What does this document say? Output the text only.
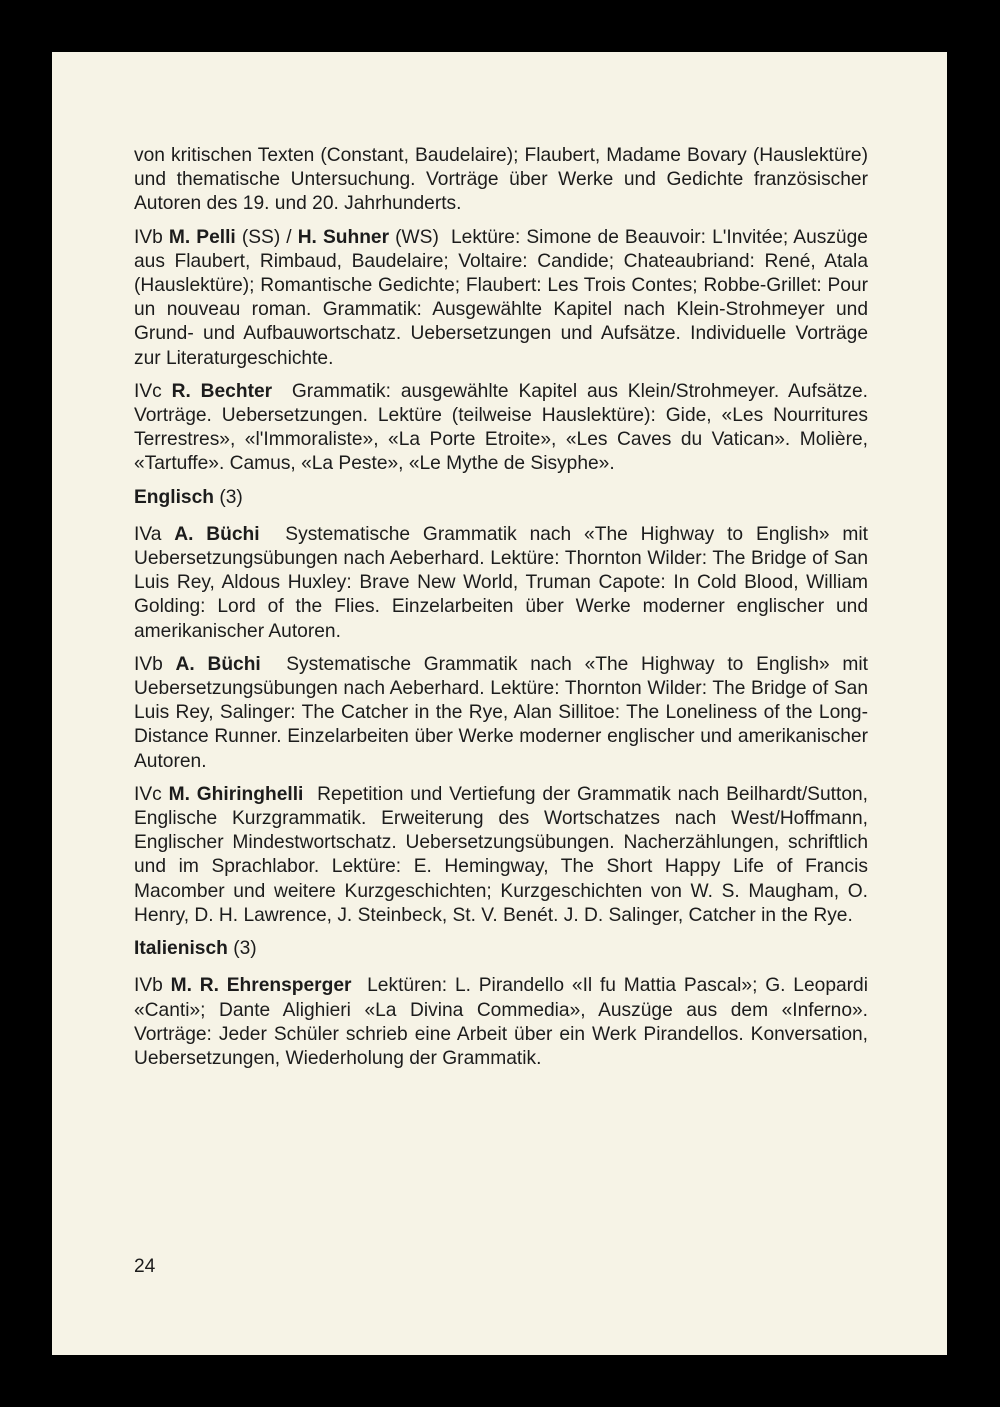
von kritischen Texten (Constant, Baudelaire); Flaubert, Madame Bovary (Hauslektüre) und thematische Untersuchung. Vorträge über Werke und Gedichte französischer Autoren des 19. und 20. Jahrhunderts.

IVb M. Pelli (SS) / H. Suhner (WS) Lektüre: Simone de Beauvoir: L'Invitée; Auszüge aus Flaubert, Rimbaud, Baudelaire; Voltaire: Candide; Chateaubriand: René, Atala (Hauslektüre); Romantische Gedichte; Flaubert: Les Trois Contes; Robbe-Grillet: Pour un nouveau roman. Grammatik: Ausgewählte Kapitel nach Klein-Strohmeyer und Grund- und Aufbauwortschatz. Uebersetzungen und Aufsätze. Individuelle Vorträge zur Literaturgeschichte.

IVc R. Bechter Grammatik: ausgewählte Kapitel aus Klein/Strohmeyer. Aufsätze. Vorträge. Uebersetzungen. Lektüre (teilweise Hauslektüre): Gide, «Les Nourritures Terrestres», «l'Immoraliste», «La Porte Etroite», «Les Caves du Vatican». Molière, «Tartuffe». Camus, «La Peste», «Le Mythe de Sisyphe».

Englisch (3)

IVa A. Büchi Systematische Grammatik nach «The Highway to English» mit Uebersetzungsübungen nach Aeberhard. Lektüre: Thornton Wilder: The Bridge of San Luis Rey, Aldous Huxley: Brave New World, Truman Capote: In Cold Blood, William Golding: Lord of the Flies. Einzelarbeiten über Werke moderner englischer und amerikanischer Autoren.

IVb A. Büchi Systematische Grammatik nach «The Highway to English» mit Uebersetzungsübungen nach Aeberhard. Lektüre: Thornton Wilder: The Bridge of San Luis Rey, Salinger: The Catcher in the Rye, Alan Sillitoe: The Loneliness of the Long-Distance Runner. Einzelarbeiten über Werke moderner englischer und amerikanischer Autoren.

IVc M. Ghiringhelli Repetition und Vertiefung der Grammatik nach Beilhardt/Sutton, Englische Kurzgrammatik. Erweiterung des Wortschatzes nach West/Hoffmann, Englischer Mindestwortschatz. Uebersetzungsübungen. Nacherzählungen, schriftlich und im Sprachlabor. Lektüre: E. Hemingway, The Short Happy Life of Francis Macomber und weitere Kurzgeschichten; Kurzgeschichten von W. S. Maugham, O. Henry, D. H. Lawrence, J. Steinbeck, St. V. Benét. J. D. Salinger, Catcher in the Rye.

Italienisch (3)

IVb M. R. Ehrensperger Lektüren: L. Pirandello «Il fu Mattia Pascal»; G. Leopardi «Canti»; Dante Alighieri «La Divina Commedia», Auszüge aus dem «Inferno». Vorträge: Jeder Schüler schrieb eine Arbeit über ein Werk Pirandellos. Konversation, Uebersetzungen, Wiederholung der Grammatik.

24
